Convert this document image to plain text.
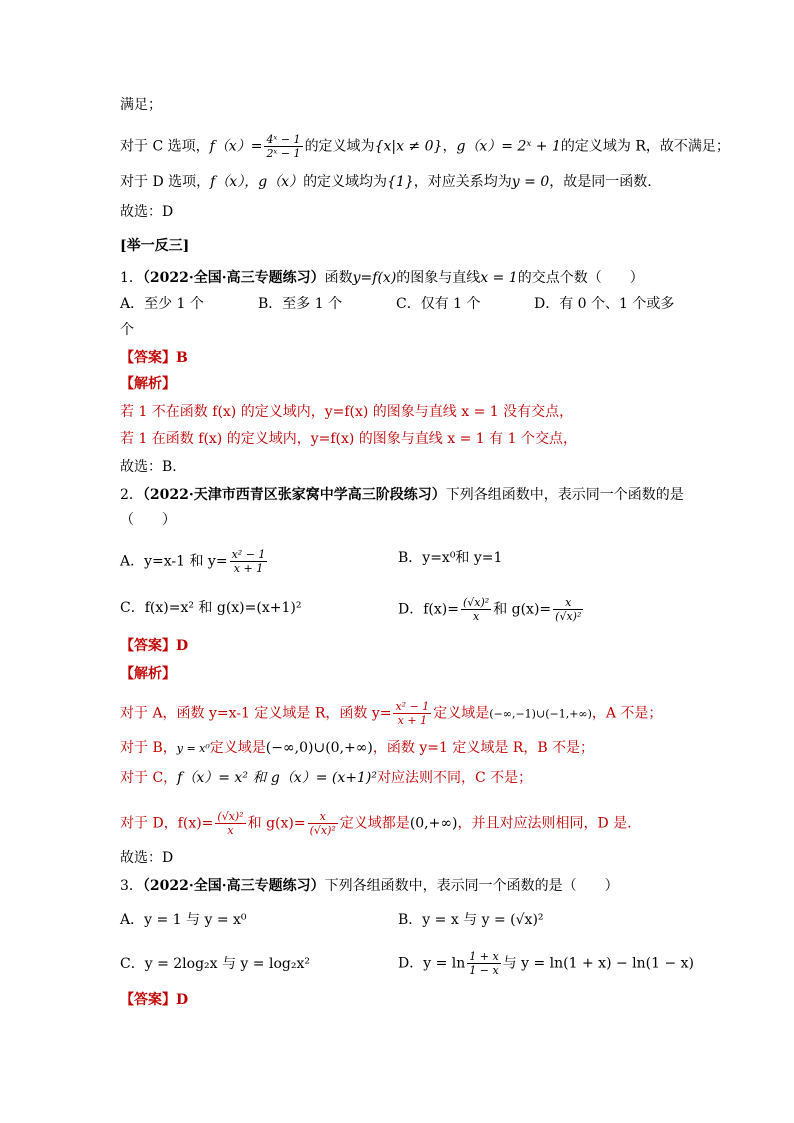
满足；
对于 C 选项，$f(x)= \frac{\text{4ˣ − 1}}{\text{2ˣ − 1}}$ 的定义域为{x|x ≠ 0}，g（x）= 2ˣ + 1的定义域为 R，故不满足；
对于 D 选项，f（x），g（x）的定义域均为{1}，对应关系均为y = 0，故是同一函数.
故选：D
[举一反三]
1．（2022·全国·高三专题练习）函数y=f(x)的图象与直线x = 1的交点个数（　　）
A．至少 1 个	B．至多 1 个	C．仅有 1 个	D．有 0 个、1 个或多
个
【答案】B
【解析】
若 1 不在函数 f(x) 的定义域内，y=f(x) 的图象与直线 x = 1 没有交点，
若 1 在函数 f(x) 的定义域内，y=f(x) 的图象与直线 x = 1 有 1 个交点，
故选：B.
2．（2022·天津市西青区张家窝中学高三阶段练习）下列各组函数中，表示同一个函数的是
（　　）
A．y=x-1 和 $y= \frac{\text{x² − 1}}{x + 1}$	B．y=x⁰和 y=1
C．f(x)=x² 和 g(x)=(x+1)²	D．$f(x)= \frac{\text{(√x)²}}{x}$ 和 $g(x)= \frac{x}{\text{(√x)²}}$
【答案】D
【解析】
对于 A，函数 y=x-1 定义域是 R，函数 $y= \frac{\text{x² − 1}}{x + 1}$ 定义域是(−∞,−1)∪(−1,+∞)，A 不是；
对于 B，y = x⁰定义域是(−∞,0)∪(0,+∞)，函数 y=1 定义域是 R，B 不是；
对于 C，f（x）= x² 和 g（x）= (x+1)²对应法则不同，C 不是；
对于 D，$f(x)= \frac{\text{(√x)²}}{x}$ 和 $g(x)= \frac{x}{\text{(√x)²}}$ 定义域都是(0,+∞)，并且对应法则相同，D 是.
故选：D
3．（2022·全国·高三专题练习）下列各组函数中，表示同一个函数的是（　　）
A．y = 1 与 y = x⁰	B．y = x 与 y = (√x)²
C．y = 2log₂x 与 y = log₂x²	D．$y = \ln \frac{1 + x}{1 - x}$ 与 y = ln(1 + x) − ln(1 − x)
【答案】D
